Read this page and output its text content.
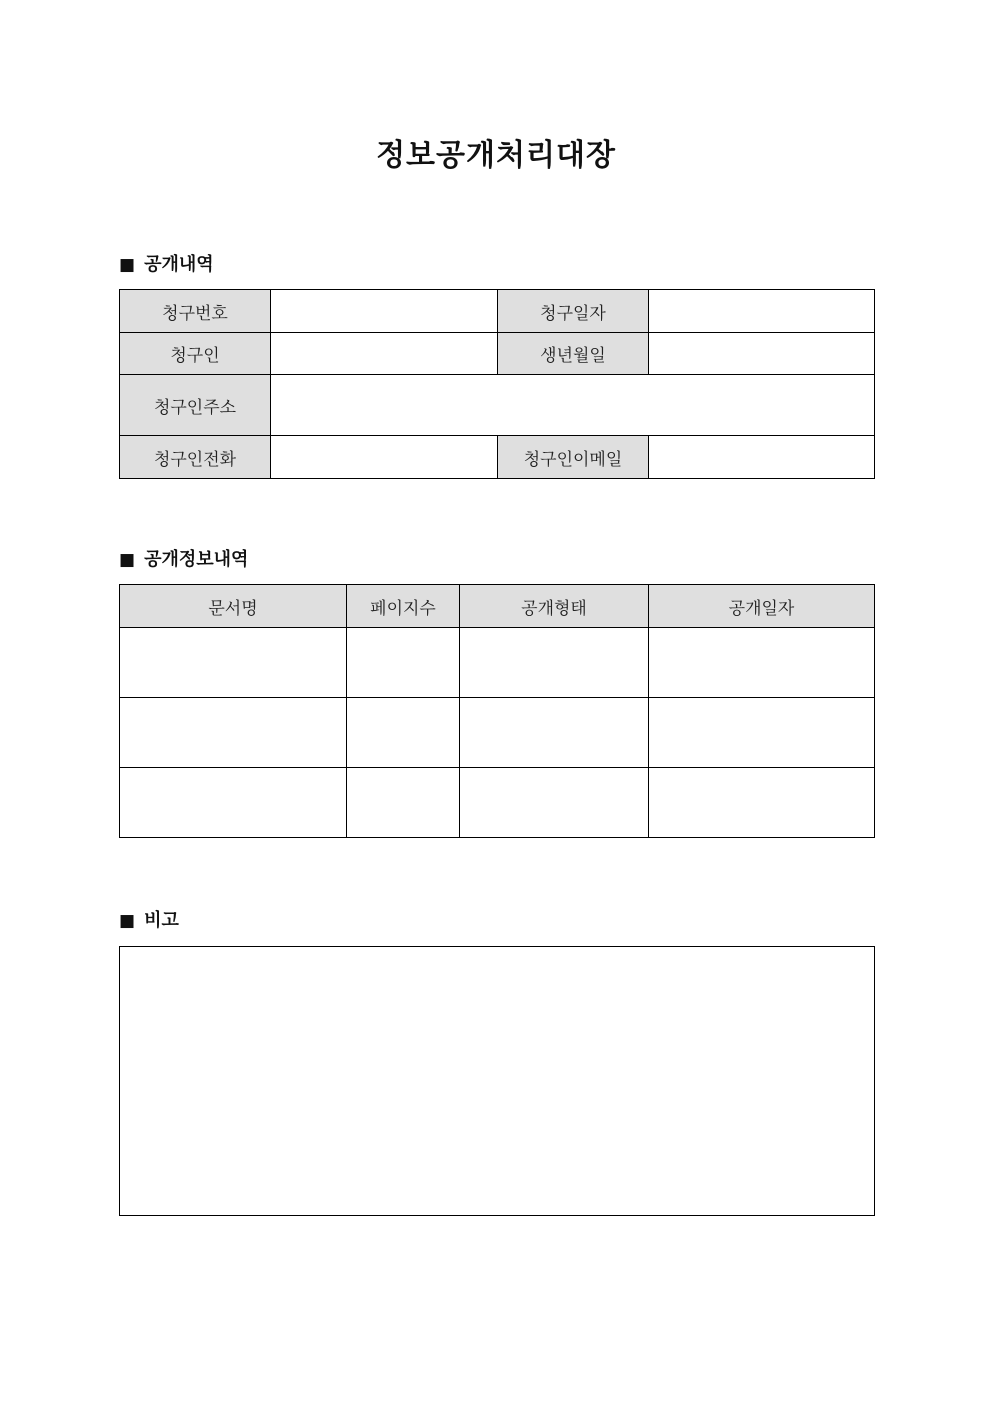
정보공개처리대장
■ 공개내역
청구번호		청구일자	
청구인		생년월일	
청구인주소			
청구인전화		청구인이메일	
■ 공개정보내역
문서명	페이지수	공개형태	공개일자

■ 비고
